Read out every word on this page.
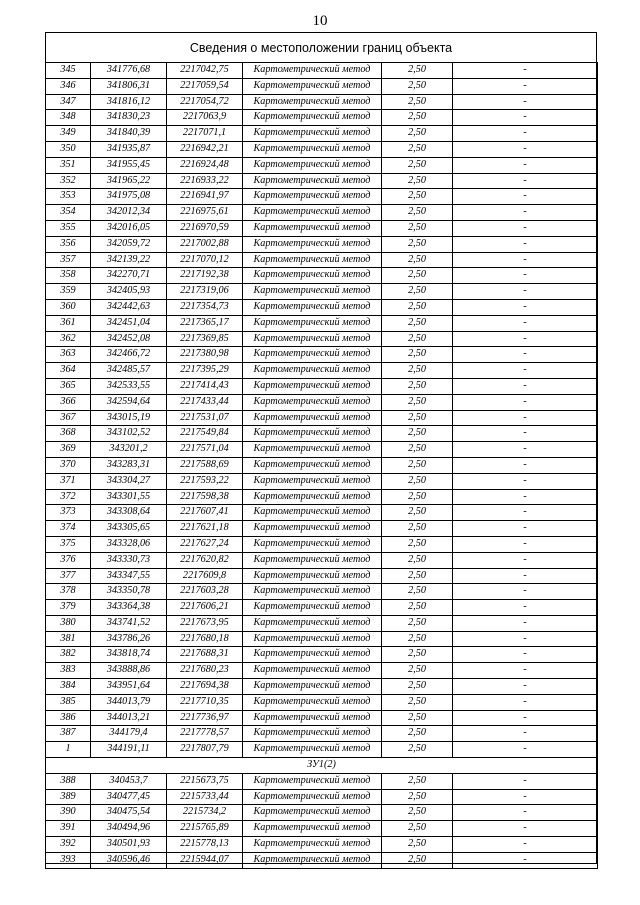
10
Сведения о местоположении границ объекта
345	341776,68	2217042,75	Картометрический метод	2,50	-
346	341806,31	2217059,54	Картометрический метод	2,50	-
347	341816,12	2217054,72	Картометрический метод	2,50	-
348	341830,23	2217063,9	Картометрический метод	2,50	-
349	341840,39	2217071,1	Картометрический метод	2,50	-
350	341935,87	2216942,21	Картометрический метод	2,50	-
351	341955,45	2216924,48	Картометрический метод	2,50	-
352	341965,22	2216933,22	Картометрический метод	2,50	-
353	341975,08	2216941,97	Картометрический метод	2,50	-
354	342012,34	2216975,61	Картометрический метод	2,50	-
355	342016,05	2216970,59	Картометрический метод	2,50	-
356	342059,72	2217002,88	Картометрический метод	2,50	-
357	342139,22	2217070,12	Картометрический метод	2,50	-
358	342270,71	2217192,38	Картометрический метод	2,50	-
359	342405,93	2217319,06	Картометрический метод	2,50	-
360	342442,63	2217354,73	Картометрический метод	2,50	-
361	342451,04	2217365,17	Картометрический метод	2,50	-
362	342452,08	2217369,85	Картометрический метод	2,50	-
363	342466,72	2217380,98	Картометрический метод	2,50	-
364	342485,57	2217395,29	Картометрический метод	2,50	-
365	342533,55	2217414,43	Картометрический метод	2,50	-
366	342594,64	2217433,44	Картометрический метод	2,50	-
367	343015,19	2217531,07	Картометрический метод	2,50	-
368	343102,52	2217549,84	Картометрический метод	2,50	-
369	343201,2	2217571,04	Картометрический метод	2,50	-
370	343283,31	2217588,69	Картометрический метод	2,50	-
371	343304,27	2217593,22	Картометрический метод	2,50	-
372	343301,55	2217598,38	Картометрический метод	2,50	-
373	343308,64	2217607,41	Картометрический метод	2,50	-
374	343305,65	2217621,18	Картометрический метод	2,50	-
375	343328,06	2217627,24	Картометрический метод	2,50	-
376	343330,73	2217620,82	Картометрический метод	2,50	-
377	343347,55	2217609,8	Картометрический метод	2,50	-
378	343350,78	2217603,28	Картометрический метод	2,50	-
379	343364,38	2217606,21	Картометрический метод	2,50	-
380	343741,52	2217673,95	Картометрический метод	2,50	-
381	343786,26	2217680,18	Картометрический метод	2,50	-
382	343818,74	2217688,31	Картометрический метод	2,50	-
383	343888,86	2217680,23	Картометрический метод	2,50	-
384	343951,64	2217694,38	Картометрический метод	2,50	-
385	344013,79	2217710,35	Картометрический метод	2,50	-
386	344013,21	2217736,97	Картометрический метод	2,50	-
387	344179,4	2217778,57	Картометрический метод	2,50	-
1	344191,11	2217807,79	Картометрический метод	2,50	-
ЗУ1(2)					
388	340453,7	2215673,75	Картометрический метод	2,50	-
389	340477,45	2215733,44	Картометрический метод	2,50	-
390	340475,54	2215734,2	Картометрический метод	2,50	-
391	340494,96	2215765,89	Картометрический метод	2,50	-
392	340501,93	2215778,13	Картометрический метод	2,50	-
393	340596,46	2215944,07	Картометрический метод	2,50	-
